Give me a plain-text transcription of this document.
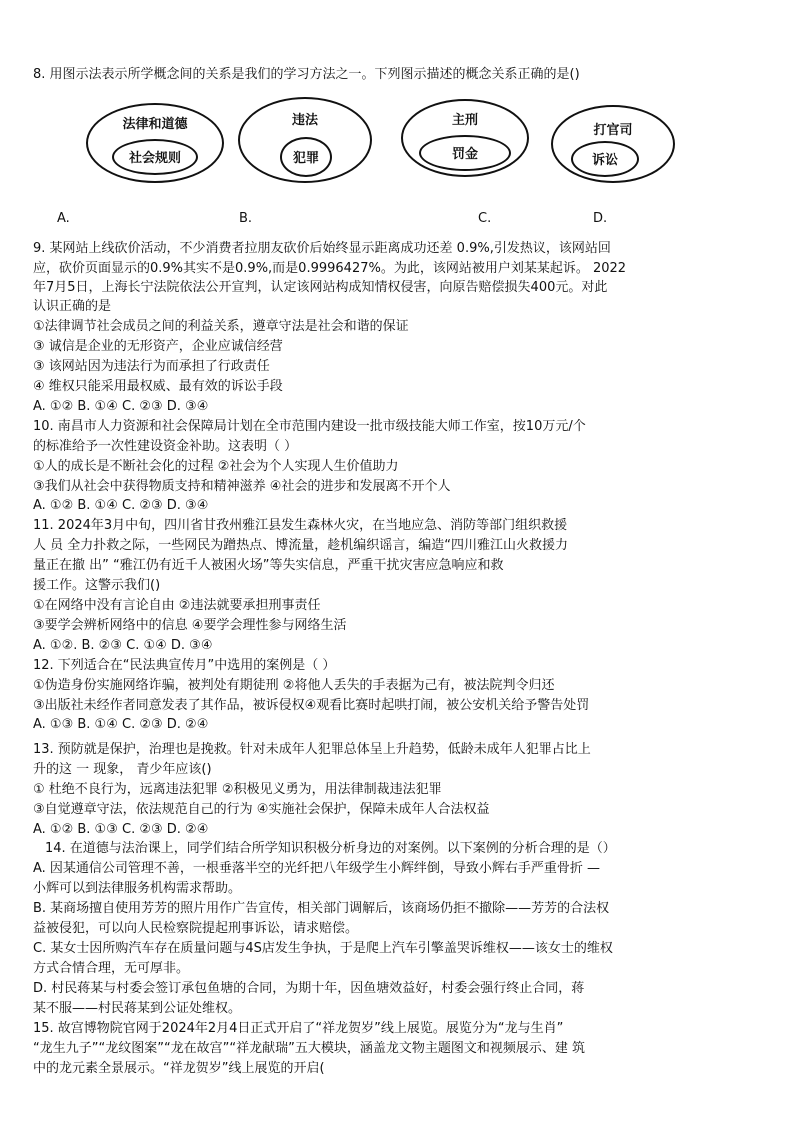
8. 用图示法表示所学概念间的关系是我们的学习方法之一。下列图示描述的概念关系正确的是()
法律和道德
社会规则
违法
犯罪
主刑
罚金
打官司
诉讼
A.	B.	C.	D.
9. 某网站上线砍价活动，不少消费者拉朋友砍价后始终显示距离成功还差 0.9%,引发热议，该网站回
应，砍价页面显示的0.9%其实不是0.9%,而是0.9996427%。为此，该网站被用户刘某某起诉。 2022
年7月5日，上海长宁法院依法公开宣判，认定该网站构成知情权侵害，向原告赔偿损失400元。对此
认识正确的是
①法律调节社会成员之间的利益关系，遵章守法是社会和谐的保证
③ 诚信是企业的无形资产，企业应诚信经营
③ 该网站因为违法行为而承担了行政责任
④ 维权只能采用最权威、最有效的诉讼手段
A. ①② B. ①④ C. ②③ D. ③④
10. 南昌市人力资源和社会保障局计划在全市范围内建设一批市级技能大师工作室，按10万元/个
的标准给予一次性建设资金补助。这表明（ ）
①人的成长是不断社会化的过程 ②社会为个人实现人生价值助力
③我们从社会中获得物质支持和精神滋养 ④社会的进步和发展离不开个人
A. ①② B. ①④ C. ②③ D. ③④
11. 2024年3月中旬，四川省甘孜州雅江县发生森林火灾，在当地应急、消防等部门组织救援
人 员 全力扑救之际，一些网民为蹭热点、博流量，趁机编织谣言，编造“四川雅江山火救援力
量正在撤 出” “雅江仍有近千人被困火场”等失实信息，严重干扰灾害应急响应和救
援工作。这警示我们()
①在网络中没有言论自由 ②违法就要承担刑事责任
③要学会辨析网络中的信息 ④要学会理性参与网络生活
A. ①②. B. ②③ C. ①④ D. ③④
12. 下列适合在“民法典宣传月”中选用的案例是（ ）
①伪造身份实施网络诈骗，被判处有期徒刑 ②将他人丢失的手表据为己有，被法院判令归还
③出版社未经作者同意发表了其作品，被诉侵权④观看比赛时起哄打闹，被公安机关给予警告处罚
A. ①③ B. ①④ C. ②③ D. ②④
13. 预防就是保护，治理也是挽救。针对未成年人犯罪总体呈上升趋势，低龄未成年人犯罪占比上
升的这 一 现象， 青少年应该()
① 杜绝不良行为，远离违法犯罪 ②积极见义勇为，用法律制裁违法犯罪
③自觉遵章守法，依法规范自己的行为 ④实施社会保护，保障未成年人合法权益
A. ①② B. ①③ C. ②③ D. ②④
14. 在道德与法治课上，同学们结合所学知识积极分析身边的对案例。以下案例的分析合理的是（）
A. 因某通信公司管理不善，一根垂落半空的光纤把八年级学生小辉绊倒，导致小辉右手严重骨折 —
小辉可以到法律服务机构需求帮助。
B. 某商场擅自使用芳芳的照片用作广告宣传，相关部门调解后，该商场仍拒不撤除——芳芳的合法权
益被侵犯，可以向人民检察院提起刑事诉讼，请求赔偿。
C. 某女士因所购汽车存在质量问题与4S店发生争执，于是爬上汽车引擎盖哭诉维权——该女士的维权
方式合情合理，无可厚非。
D. 村民蒋某与村委会签订承包鱼塘的合同，为期十年，因鱼塘效益好，村委会强行终止合同，蒋
某不服——村民蒋某到公证处维权。
15. 故宫博物院官网于2024年2月4日正式开启了“祥龙贺岁”线上展览。展览分为“龙与生肖”
“龙生九子”“龙纹图案”“龙在故宫”“祥龙献瑞”五大模块，涵盖龙文物主题图文和视频展示、建 筑
中的龙元素全景展示。“祥龙贺岁”线上展览的开启(
